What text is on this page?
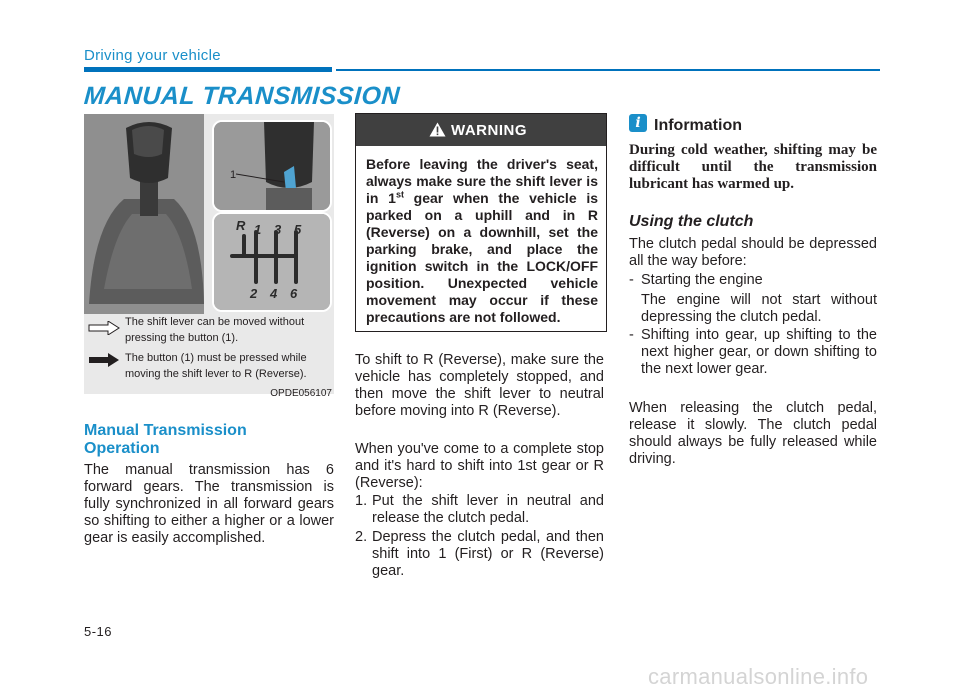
Driving your vehicle
MANUAL TRANSMISSION
1
R 1 3 5
2 4 6
The shift lever can be moved without pressing the button (1).
The button (1) must be pressed while moving the shift lever to R (Reverse).
OPDE056107
Manual Transmission Operation
The manual transmission has 6 forward gears. The transmission is fully synchronized in all forward gears so shifting to either a higher or a lower gear is easily accomplished.
WARNING
Before leaving the driver's seat, always make sure the shift lever is in 1st gear when the vehicle is parked on a uphill and in R (Reverse) on a downhill, set the parking brake, and place the ignition switch in the LOCK/OFF position. Unexpected vehicle movement may occur if these precautions are not followed.
To shift to R (Reverse), make sure the vehicle has completely stopped, and then move the shift lever to neutral before moving into R (Reverse).
When you've come to a complete stop and it's hard to shift into 1st gear or R (Reverse):
1. Put the shift lever in neutral and release the clutch pedal.
2. Depress the clutch pedal, and then shift into 1 (First) or R (Reverse) gear.
i Information
During cold weather, shifting may be difficult until the transmission lubricant has warmed up.
Using the clutch
The clutch pedal should be depressed all the way before:
- Starting the engine
The engine will not start without depressing the clutch pedal.
- Shifting into gear, up shifting to the next higher gear, or down shifting to the next lower gear.
When releasing the clutch pedal, release it slowly. The clutch pedal should always be fully released while driving.
5-16
carmanualsonline.info
